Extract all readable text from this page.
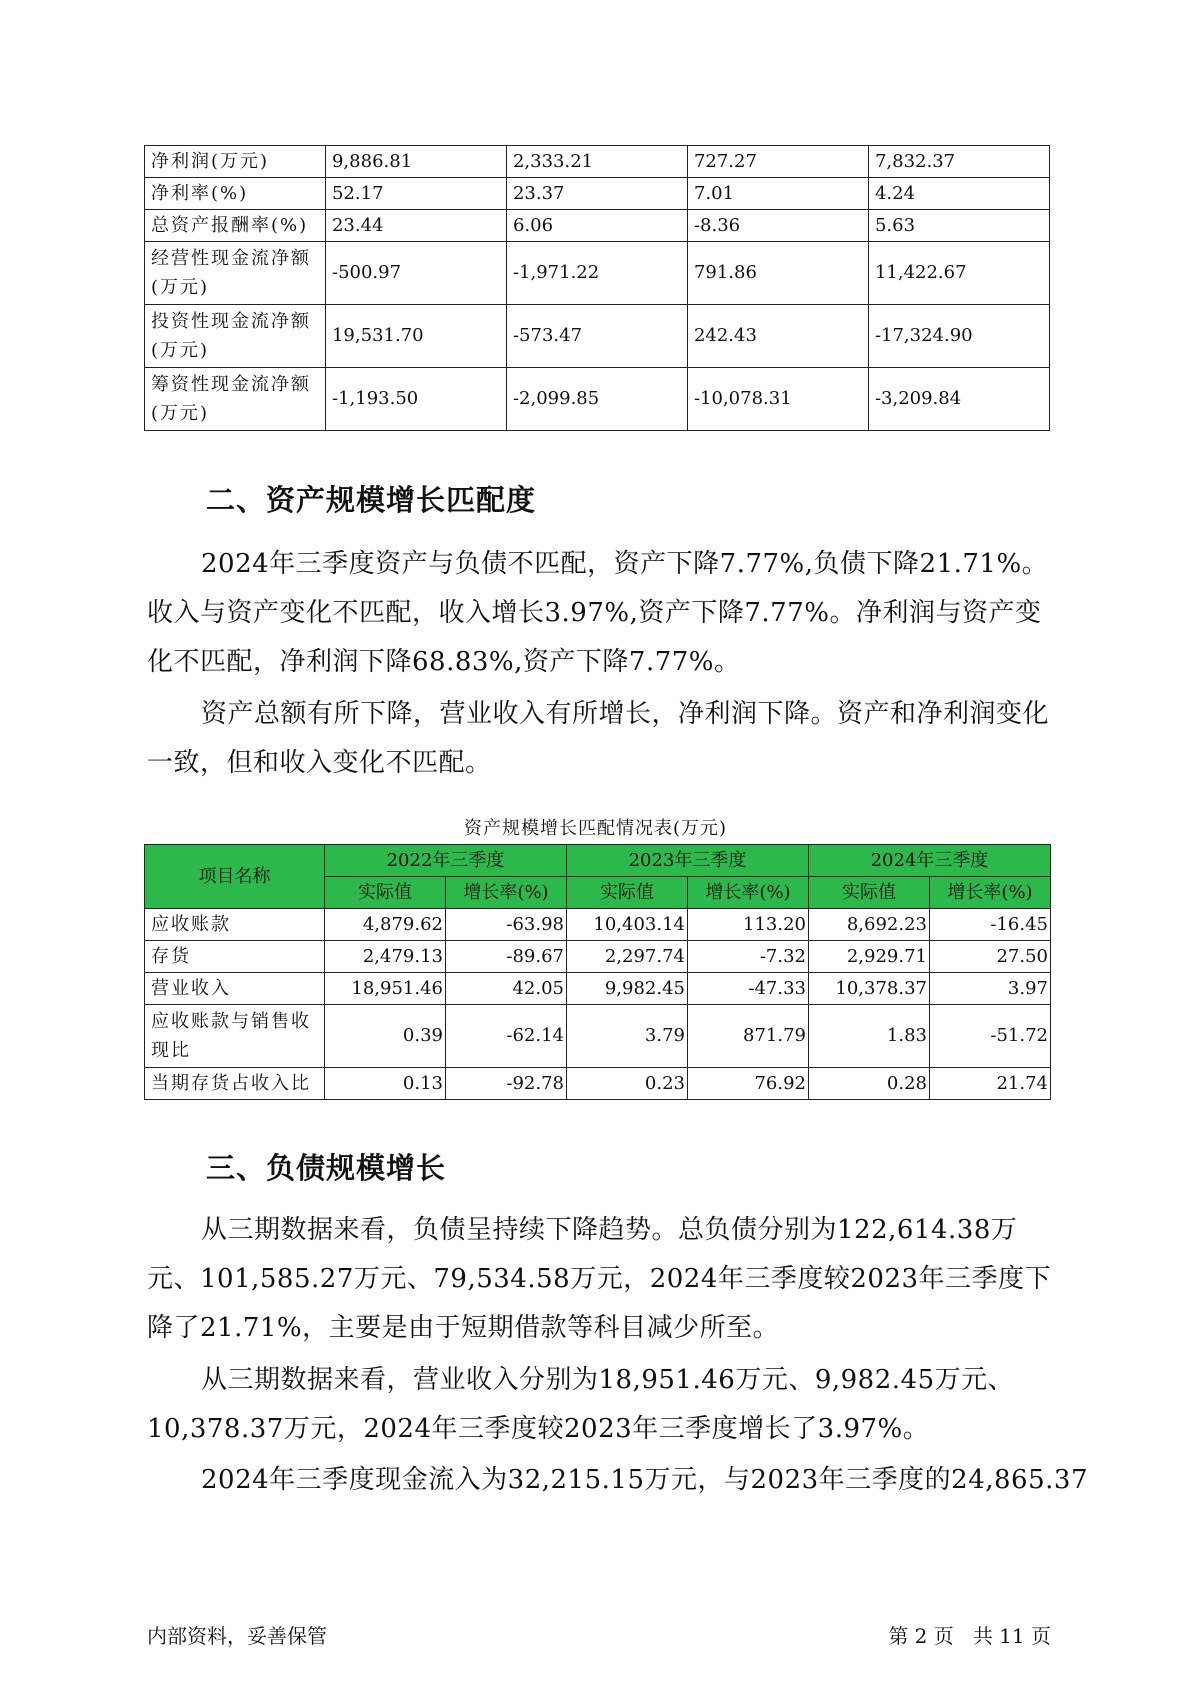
净利润(万元)	9,886.81	2,333.21	727.27	7,832.37
净利率(%)	52.17	23.37	7.01	4.24
总资产报酬率(%)	23.44	6.06	-8.36	5.63
经营性现金流净额(万元)	-500.97	-1,971.22	791.86	11,422.67
投资性现金流净额(万元)	19,531.70	-573.47	242.43	-17,324.90
筹资性现金流净额(万元)	-1,193.50	-2,099.85	-10,078.31	-3,209.84
二、资产规模增长匹配度

2024年三季度资产与负债不匹配，资产下降7.77%,负债下降21.71%。收入与资产变化不匹配，收入增长3.97%,资产下降7.77%。净利润与资产变化不匹配，净利润下降68.83%,资产下降7.77%。

资产总额有所下降，营业收入有所增长，净利润下降。资产和净利润变化一致，但和收入变化不匹配。

资产规模增长匹配情况表(万元)
项目名称	2022年三季度		2023年三季度		2024年三季度	
	实际值	增长率(%)	实际值	增长率(%)	实际值	增长率(%)
应收账款	4,879.62	-63.98	10,403.14	113.20	8,692.23	-16.45
存货	2,479.13	-89.67	2,297.74	-7.32	2,929.71	27.50
营业收入	18,951.46	42.05	9,982.45	-47.33	10,378.37	3.97
应收账款与销售收现比	0.39	-62.14	3.79	871.79	1.83	-51.72
当期存货占收入比	0.13	-92.78	0.23	76.92	0.28	21.74
三、负债规模增长

从三期数据来看，负债呈持续下降趋势。总负债分别为122,614.38万元、101,585.27万元、79,534.58万元，2024年三季度较2023年三季度下降了21.71%，主要是由于短期借款等科目减少所至。

从三期数据来看，营业收入分别为18,951.46万元、9,982.45万元、10,378.37万元，2024年三季度较2023年三季度增长了3.97%。

2024年三季度现金流入为32,215.15万元，与2023年三季度的24,865.37

内部资料，妥善保管	第 2 页   共 11 页
